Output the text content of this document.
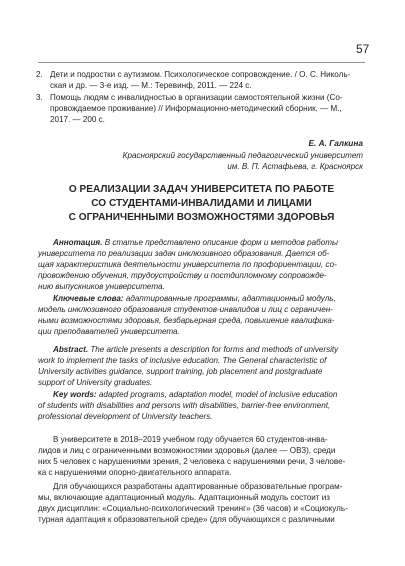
57
2. Дети и подростки с аутизмом. Психологическое сопровождение. / О. С. Николь-
ская и др. — 3-е изд. — М.: Теревинф, 2011. — 224 с.
3. Помощь людям с инвалидностью в организации самостоятельной жизни (Со-
провождаемое проживание) // Информационно-методический сборник. — М.,
2017. — 200 с.
Е. А. Галкина
Красноярский государственный педагогический университет
им. В. П. Астафьева, г. Красноярск
О РЕАЛИЗАЦИИ ЗАДАЧ УНИВЕРСИТЕТА ПО РАБОТЕ
СО СТУДЕНТАМИ-ИНВАЛИДАМИ И ЛИЦАМИ
С ОГРАНИЧЕННЫМИ ВОЗМОЖНОСТЯМИ ЗДОРОВЬЯ
Аннотация. В статье представлено описание форм и методов работы
университета по реализации задач инклюзивного образования. Дается об-
щая характеристика деятельности университета по профориентации, со-
провождению обучения, трудоустройству и постдипломному сопровожде-
нию выпускников университета.
Ключевые слова: адаптированные программы, адаптационный модуль,
модель инклюзивного образования студентов-инвалидов и лиц с ограничен-
ными возможностями здоровья, безбарьерная среда, повышение квалифика-
ции преподавателей университета.
Abstract. The article presents a description for forms and methods of university
work to implement the tasks of inclusive education. The General characteristic of
University activities guidance, support training, job placement and postgraduate
support of University graduates.
Key words: adapted programs, adaptation model, model of inclusive education
of students with disabilities and persons with disabilities, barrier-free environment,
professional development of University teachers.
В университете в 2018–2019 учебном году обучается 60 студентов-инва-
лидов и лиц с ограниченными возможностями здоровья (далее — ОВЗ), среди
них 5 человек с нарушениями зрения, 2 человека с нарушениями речи, 3 челове-
ка с нарушениями опорно-двигательного аппарата.
Для обучающихся разработаны адаптированные образовательные програм-
мы, включающие адаптационный модуль. Адаптационный модуль состоит из
двух дисциплин: «Социально-психологический тренинг» (36 часов) и «Социокуль-
турная адаптация к образовательной среде» (для обучающихся с различными
